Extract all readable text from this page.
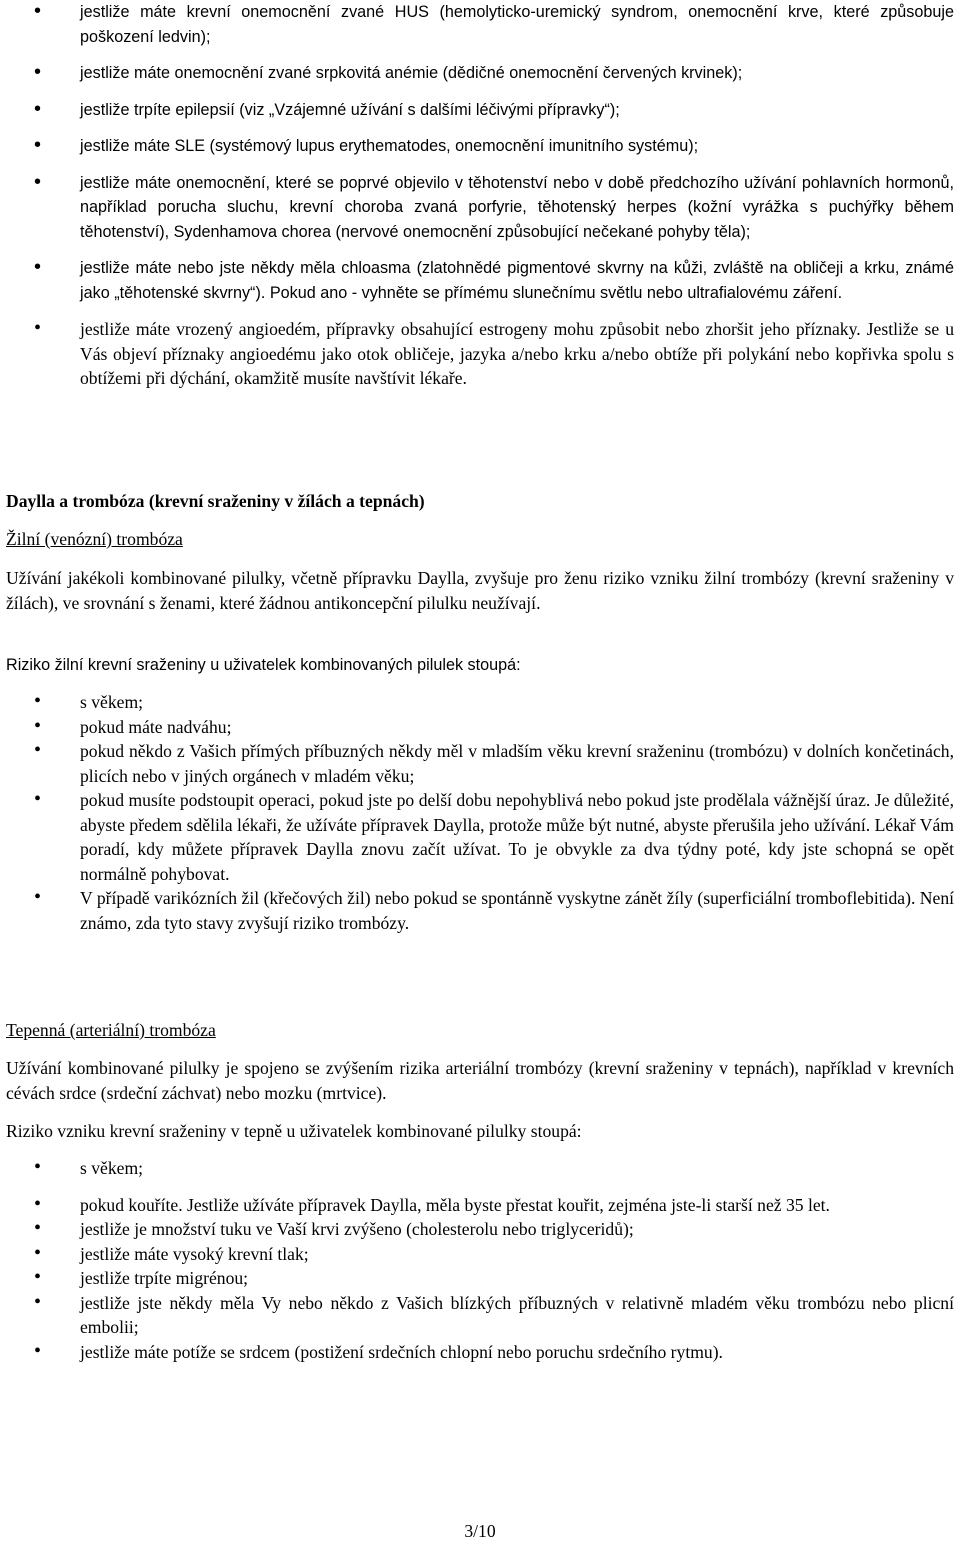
• jestliže máte krevní onemocnění zvané HUS (hemolyticko-uremický syndrom, onemocnění krve, které způsobuje poškození ledvin);
• jestliže máte onemocnění zvané srpkovitá anémie (dědičné onemocnění červených krvinek);
• jestliže trpíte epilepsií (viz „Vzájemné užívání s dalšími léčivými přípravky“);
• jestliže máte SLE (systémový lupus erythematodes, onemocnění imunitního systému);
• jestliže máte onemocnění, které se poprvé objevilo v těhotenství nebo v době předchozího užívání pohlavních hormonů, například porucha sluchu, krevní choroba zvaná porfyrie, těhotenský herpes (kožní vyrážka s puchýřky během těhotenství), Sydenhamova chorea (nervové onemocnění způsobující nečekané pohyby těla);
• jestliže máte nebo jste někdy měla chloasma (zlatohnědé pigmentové skvrny na kůži, zvláště na obličeji a krku, známé jako „těhotenské skvrny“). Pokud ano - vyhněte se přímému slunečnímu světlu nebo ultrafialovému záření.
• jestliže máte vrozený angioedém, přípravky obsahující estrogeny mohu způsobit nebo zhoršit jeho příznaky. Jestliže se u Vás objeví příznaky angioedému jako otok obličeje, jazyka a/nebo krku a/nebo obtíže při polykání nebo kopřivka spolu s obtížemi při dýchání, okamžitě musíte navštívit lékaře.

Daylla a trombóza (krevní sraženiny v žílách a tepnách)

Žilní (venózní) trombóza

Užívání jakékoli kombinované pilulky, včetně přípravku Daylla, zvyšuje pro ženu riziko vzniku žilní trombózy (krevní sraženiny v žílách), ve srovnání s ženami, které žádnou antikoncepční pilulku neužívají.

Riziko žilní krevní sraženiny u uživatelek kombinovaných pilulek stoupá:

• s věkem;
• pokud máte nadváhu;
• pokud někdo z Vašich přímých příbuzných někdy měl v mladším věku krevní sraženinu (trombózu) v dolních končetinách, plicích nebo v jiných orgánech v mladém věku;
• pokud musíte podstoupit operaci, pokud jste po delší dobu nepohyblivá nebo pokud jste prodělala vážnější úraz. Je důležité, abyste předem sdělila lékaři, že užíváte přípravek Daylla, protože může být nutné, abyste přerušila jeho užívání. Lékař Vám poradí, kdy můžete přípravek Daylla znovu začít užívat. To je obvykle za dva týdny poté, kdy jste schopná se opět normálně pohybovat.
• V případě varikózních žil (křečových žil) nebo pokud se spontánně vyskytne zánět žíly (superficiální tromboflebitida). Není známo, zda tyto stavy zvyšují riziko trombózy.

Tepenná (arteriální) trombóza

Užívání kombinované pilulky je spojeno se zvýšením rizika arteriální trombózy (krevní sraženiny v tepnách), například v krevních cévách srdce (srdeční záchvat) nebo mozku (mrtvice).

Riziko vzniku krevní sraženiny v tepně u uživatelek kombinované pilulky stoupá:

• s věkem;
• pokud kouříte. Jestliže užíváte přípravek Daylla, měla byste přestat kouřit, zejména jste-li starší než 35 let.
• jestliže je množství tuku ve Vaší krvi zvýšeno (cholesterolu nebo triglyceridů);
• jestliže máte vysoký krevní tlak;
• jestliže trpíte migrénou;
• jestliže jste někdy měla Vy nebo někdo z Vašich blízkých příbuzných v relativně mladém věku trombózu nebo plicní embolii;
• jestliže máte potíže se srdcem (postižení srdečních chlopní nebo poruchu srdečního rytmu).
3/10
